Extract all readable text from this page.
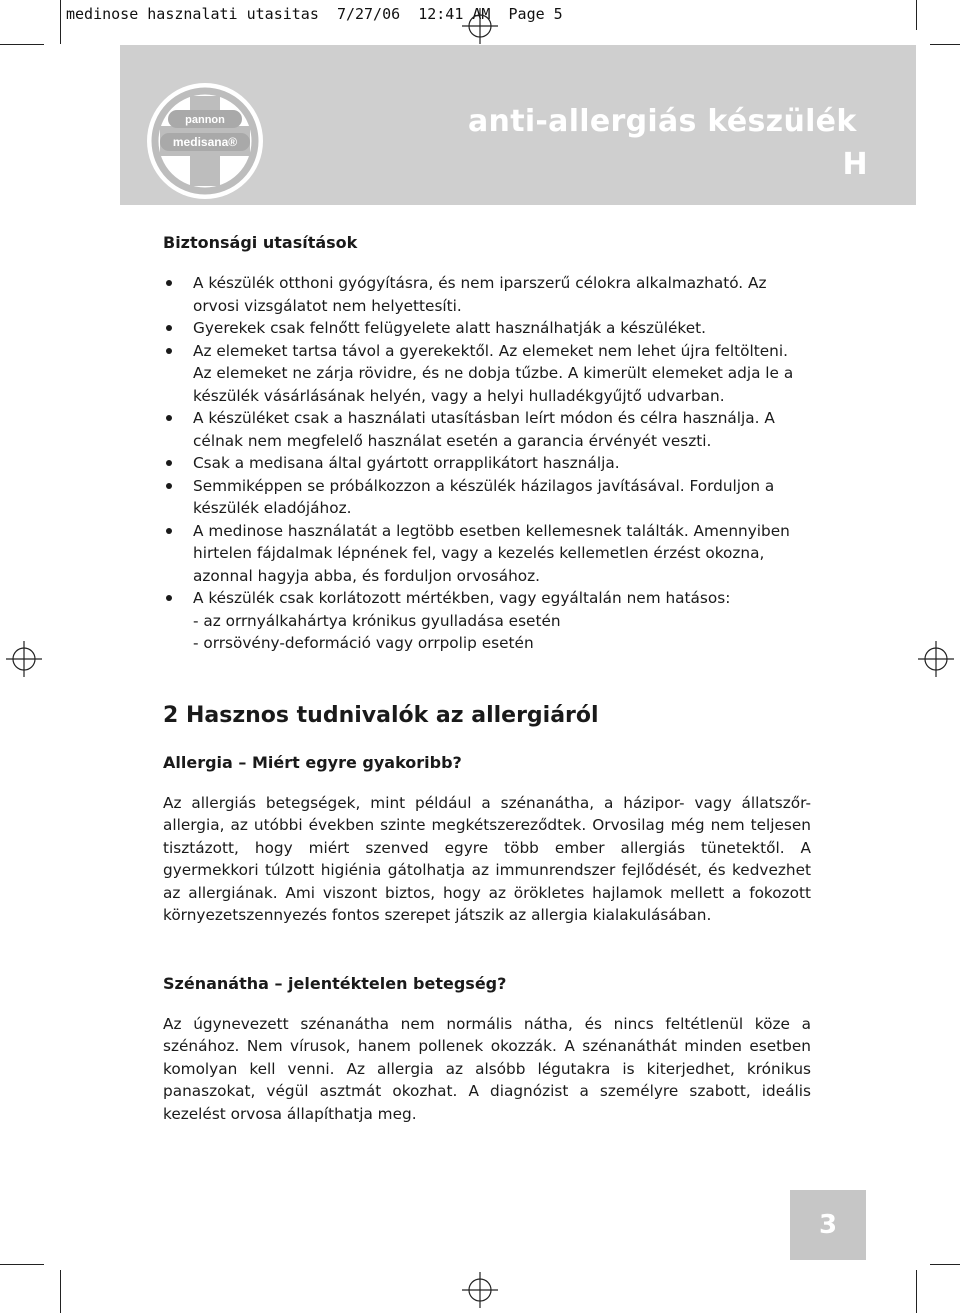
medinose hasznalati utasitas 7/27/06 12:41 AM Page 5
anti-allergiás készülék
H
pannon
medisana®
Biztonsági utasítások
A készülék otthoni gyógyításra, és nem iparszerű célokra alkalmazható. Az orvosi vizsgálatot nem helyettesíti.
Gyerekek csak felnőtt felügyelete alatt használhatják a készüléket.
Az elemeket tartsa távol a gyerekektől. Az elemeket nem lehet újra feltölteni. Az elemeket ne zárja rövidre, és ne dobja tűzbe. A kimerült elemeket adja le a készülék vásárlásának helyén, vagy a helyi hulladékgyűjtő udvarban.
A készüléket csak a használati utasításban leírt módon és célra használja. A célnak nem megfelelő használat esetén a garancia érvényét veszti.
Csak a medisana által gyártott orrapplikátort használja.
Semmiképpen se próbálkozzon a készülék házilagos javításával. Forduljon a készülék eladójához.
A medinose használatát a legtöbb esetben kellemesnek találták. Amennyiben hirtelen fájdalmak lépnének fel, vagy a kezelés kellemetlen érzést okozna, azonnal hagyja abba, és forduljon orvosához.
A készülék csak korlátozott mértékben, vagy egyáltalán nem hatásos:
- az orrnyálkahártya krónikus gyulladása esetén
- orrsövény-deformáció vagy orrpolip esetén
2 Hasznos tudnivalók az allergiáról
Allergia – Miért egyre gyakoribb?

Az allergiás betegségek, mint például a szénanátha, a házipor- vagy állatszőr-allergia, az utóbbi években szinte megkétszereződtek. Orvosilag még nem teljesen tisztázott, hogy miért szenved egyre több ember allergiás tünetektől. A gyermekkori túlzott higiénia gátolhatja az immunrendszer fejlődését, és kedvezhet az allergiának. Ami viszont biztos, hogy az örökletes hajlamok mellett a fokozott környezetszennyezés fontos szerepet játszik az allergia kialakulásában.

Szénanátha – jelentéktelen betegség?

Az úgynevezett szénanátha nem normális nátha, és nincs feltétlenül köze a szénához. Nem vírusok, hanem pollenek okozzák. A szénanáthát minden esetben komolyan kell venni. Az allergia az alsóbb légutakra is kiterjedhet, krónikus panaszokat, végül asztmát okozhat. A diagnózist a személyre szabott, ideális kezelést orvosa állapíthatja meg.

3
